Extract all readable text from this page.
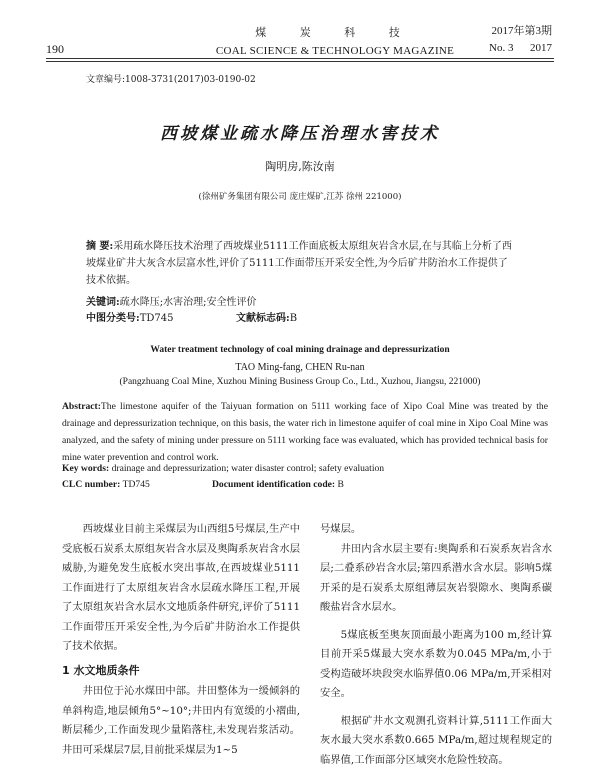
190
煤 炭 科 技
COAL SCIENCE & TECHNOLOGY MAGAZINE
2017年第3期
No. 3 2017
文章编号:1008-3731(2017)03-0190-02
西坡煤业疏水降压治理水害技术
陶明房,陈汝南
(徐州矿务集团有限公司 庞庄煤矿,江苏 徐州 221000)
摘 要:采用疏水降压技术治理了西坡煤业5111工作面底板太原组灰岩含水层,在与其临上分析了西坡煤业矿井大灰含水层富水性,评价了5111工作面带压开采安全性,为今后矿井防治水工作提供了技术依据。
关键词:疏水降压;水害治理;安全性评价
中图分类号:TD745	文献标志码:B
Water treatment technology of coal mining drainage and depressurization
TAO Ming-fang, CHEN Ru-nan
(Pangzhuang Coal Mine, Xuzhou Mining Business Group Co., Ltd., Xuzhou, Jiangsu, 221000)
Abstract:The limestone aquifer of the Taiyuan formation on 5111 working face of Xipo Coal Mine was treated by the drainage and depressurization technique, on this basis, the water rich in limestone aquifer of coal mine in Xipo Coal Mine was analyzed, and the safety of mining under pressure on 5111 working face was evaluated, which has provided technical basis for mine water prevention and control work.
Key words: drainage and depressurization; water disaster control; safety evaluation
CLC number: TD745	Document identification code: B

西坡煤业目前主采煤层为山西组5号煤层,生产中受底板石炭系太原组灰岩含水层及奥陶系灰岩含水层威胁,为避免发生底板水突出事故,在西坡煤业5111工作面进行了太原组灰岩含水层疏水降压工程,开展了太原组灰岩含水层水文地质条件研究,评价了5111工作面带压开采安全性,为今后矿井防治水工作提供了技术依据。

1 水文地质条件

井田位于沁水煤田中部。井田整体为一缓倾斜的单斜构造,地层倾角5°~10°;井田内有宽缓的小褶曲,断层稀少,工作面发现少量陷落柱,未发现岩浆活动。井田可采煤层7层,目前批采煤层为1~5

号煤层。

井田内含水层主要有:奥陶系和石炭系灰岩含水层;二叠系砂岩含水层;第四系潜水含水层。影响5煤开采的是石炭系太原组薄层灰岩裂隙水、奥陶系碳酸盐岩含水层水。

5煤底板至奥灰顶面最小距离为100 m,经计算目前开采5煤最大突水系数为0.045 MPa/m,小于受构造破坏块段突水临界值0.06 MPa/m,开采相对安全。

根据矿井水文观测孔资料计算,5111工作面大灰水最大突水系数0.665 MPa/m,超过规程规定的临界值,工作面部分区域突水危险性较高。
